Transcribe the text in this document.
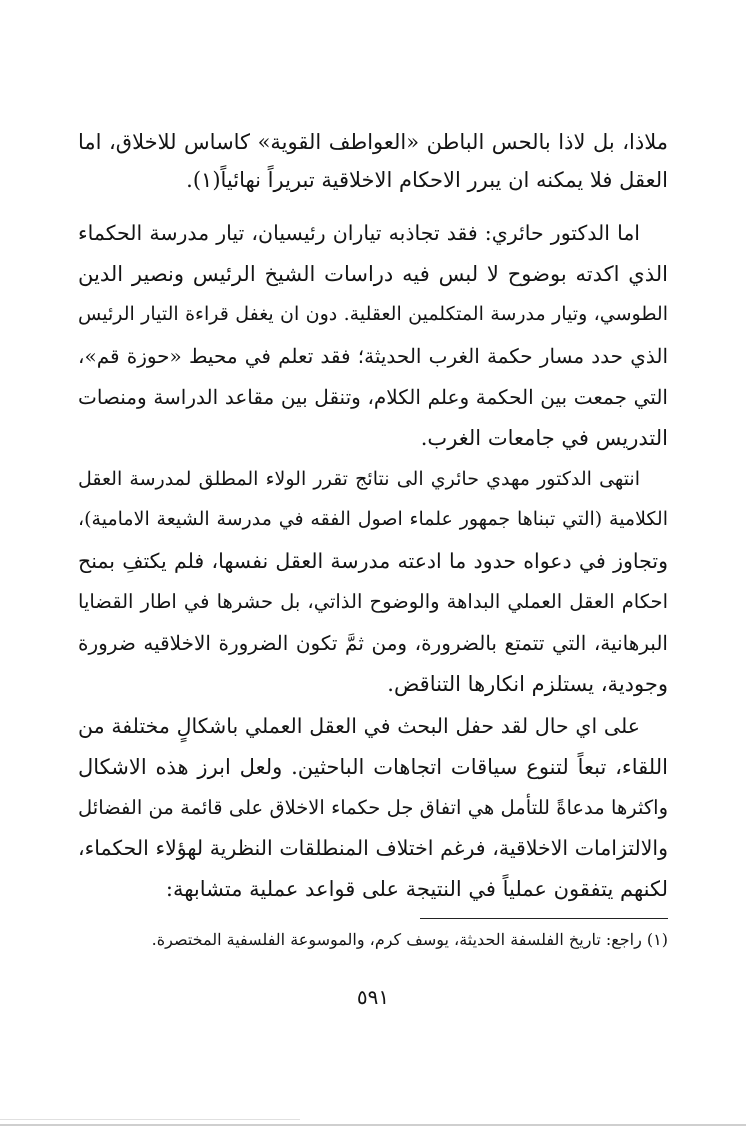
ملاذا، بل لاذا بالحس الباطن «العواطف القوية» كاساس للاخلاق، اما
العقل فلا يمكنه ان يبرر الاحكام الاخلاقية تبريراً نهائياً(١).
اما الدكتور حائري: فقد تجاذبه تياران رئيسيان، تيار مدرسة الحكماء
الذي اكدته بوضوح لا لبس فيه دراسات الشيخ الرئيس ونصير الدين
الطوسي، وتيار مدرسة المتكلمين العقلية. دون ان يغفل قراءة التيار الرئيس
الذي حدد مسار حكمة الغرب الحديثة؛ فقد تعلم في محيط «حوزة قم»،
التي جمعت بين الحكمة وعلم الكلام، وتنقل بين مقاعد الدراسة ومنصات
التدريس في جامعات الغرب.
انتهى الدكتور مهدي حائري الى نتائج تقرر الولاء المطلق لمدرسة العقل
الكلامية (التي تبناها جمهور علماء اصول الفقه في مدرسة الشيعة الامامية)،
وتجاوز في دعواه حدود ما ادعته مدرسة العقل نفسها، فلم يكتفِ بمنح
احكام العقل العملي البداهة والوضوح الذاتي، بل حشرها في اطار القضايا
البرهانية، التي تتمتع بالضرورة، ومن ثمَّ تكون الضرورة الاخلاقيه ضرورة
وجودية، يستلزم انكارها التناقض.
على اي حال لقد حفل البحث في العقل العملي باشكالٍ مختلفة من
اللقاء، تبعاً لتنوع سياقات اتجاهات الباحثين. ولعل ابرز هذه الاشكال
واكثرها مدعاةً للتأمل هي اتفاق جل حكماء الاخلاق على قائمة من الفضائل
والالتزامات الاخلاقية، فرغم اختلاف المنطلقات النظرية لهؤلاء الحكماء،
لكنهم يتفقون عملياً في النتيجة على قواعد عملية متشابهة:
(١) راجع: تاريخ الفلسفة الحديثة، يوسف كرم، والموسوعة الفلسفية المختصرة.
٥٩١
